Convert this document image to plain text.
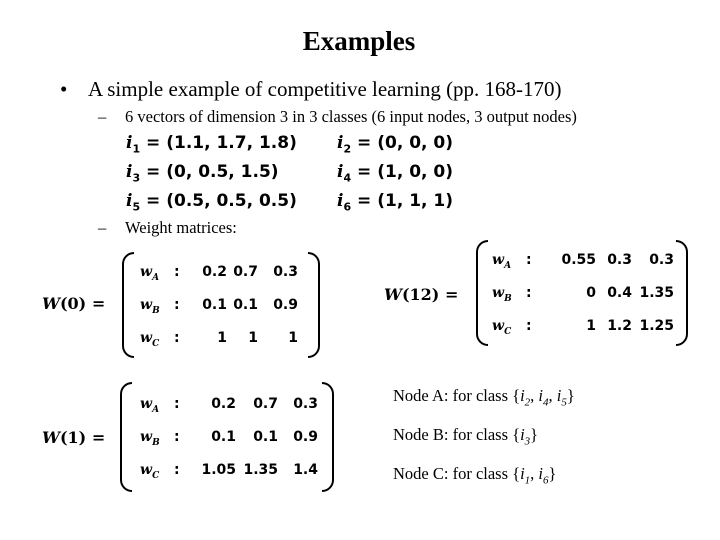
Examples
• A simple example of competitive learning (pp. 168-170)
– 6 vectors of dimension 3 in 3 classes (6 input nodes, 3 output nodes)
$i_1 = (1.1$, 1.7, 1.8) $i_2 = (0$, 0, 0)
$i_3 = (0$, 0.5, 1.5)	$i_4 = (1$, 0, 0)
$i_5 = (0.5$, 0.5, 0.5) $i_6 = (1$, 1, 1)
– Weight matrices:
W(0) =
$w_A$ :	0.2 0.7	0.3
$w_B$ :	0.1 0.1	0.9
$w_C$ :	1	1	1
W(12) =
$w_A$ :	0.55 0.3	0.3
$w_B$ :	0 0.4 1.35
$w_C$ :	1 1.2 1.25
W(1) =
$w_A$ :	0.2	0.7	0.3
$w_B$ :	0.1	0.1	0.9
$w_C$ :	1.05 1.35	1.4
Node A: for class {$i_2$, $i_4$, $i_5$}
Node B: for class $\{i_3\}$
Node C: for class {$i_1$, $i_6$}
